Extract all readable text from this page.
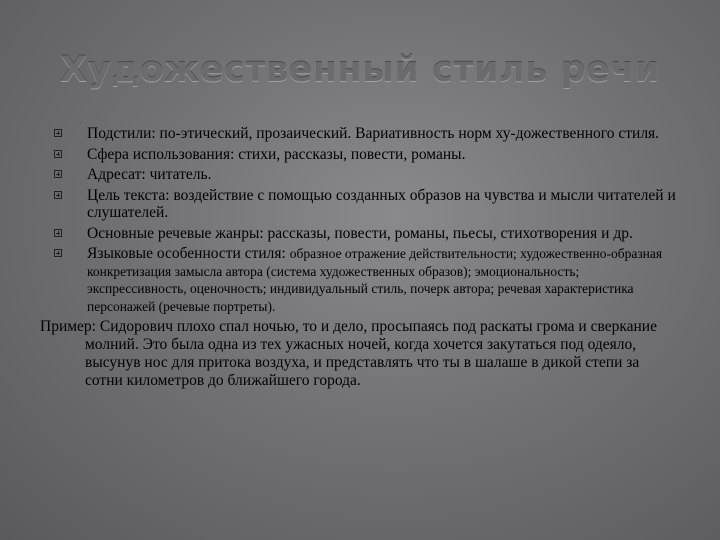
Художественный стиль речи
Подстили: по-этический, прозаический. Вариативность норм ху-дожественного стиля.
Сфера использования: стихи, рассказы, повести, романы.
Адресат: читатель.
Цель текста: воздействие с помощью созданных образов на чувства и мысли читателей и слушателей.
Основные речевые жанры: рассказы, повести, романы, пьесы, стихотворения и др.
Языковые особенности стиля: образное отражение действительности; художественно-образная конкретизация замысла автора (система художественных образов); эмоциональность; экспрессивность, оценочность; индивидуальный стиль, почерк автора; речевая характеристика персонажей (речевые портреты).
Пример: Сидорович плохо спал ночью, то и дело, просыпаясь под раскаты грома и сверкание молний. Это была одна из тех ужасных ночей, когда хочется закутаться под одеяло, высунув нос для притока воздуха, и представлять что ты в шалаше в дикой степи за сотни километров до ближайшего города.
